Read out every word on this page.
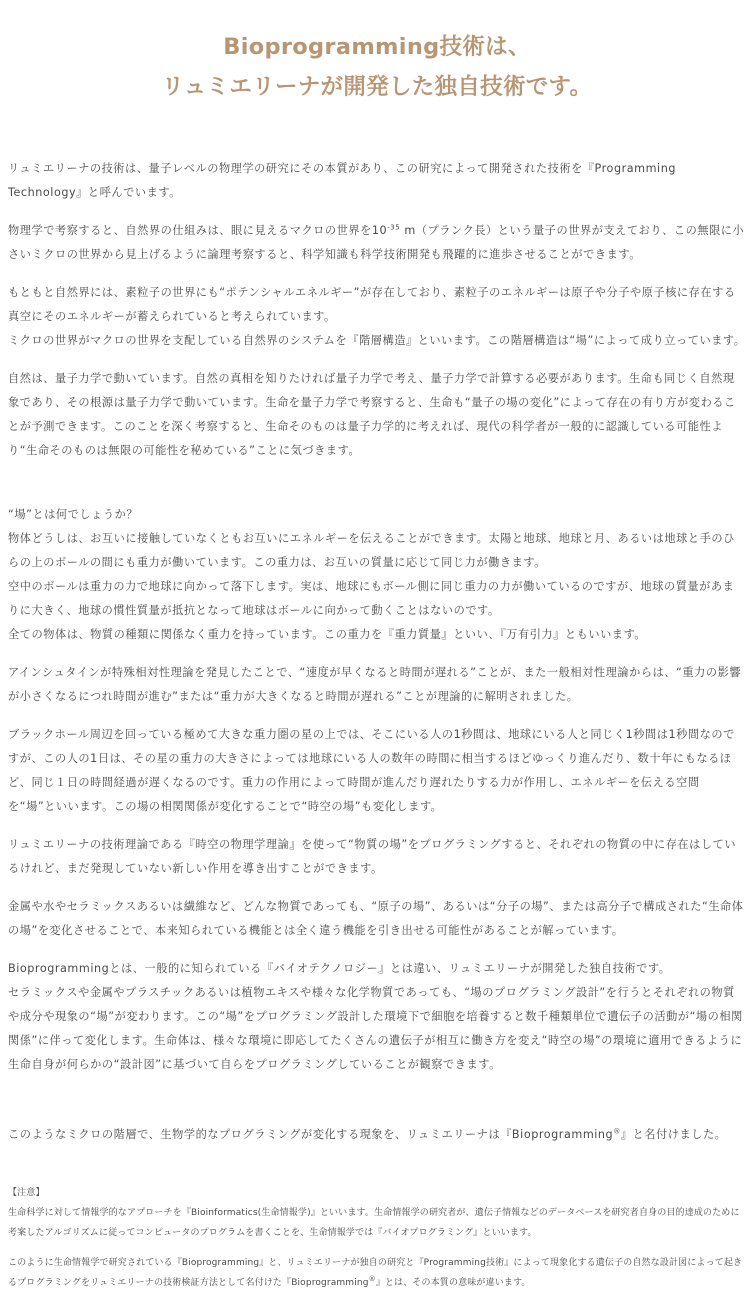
Bioprogramming技術は、
リュミエリーナが開発した独自技術です。

リュミエリーナの技術は、量子レベルの物理学の研究にその本質があり、この研究によって開発された技術を『Programming Technology』と呼んでいます。

物理学で考察すると、自然界の仕組みは、眼に見えるマクロの世界を$10^{-35}$ m（プランク長）という量子の世界が支えており、この無限に小さいミクロの世界から見上げるように論理考察すると、科学知識も科学技術開発も飛躍的に進歩させることができます。

もともと自然界には、素粒子の世界にも“ポテンシャルエネルギー”が存在しており、素粒子のエネルギーは原子や分子や原子核に存在する真空にそのエネルギーが蓄えられていると考えられています。
ミクロの世界がマクロの世界を支配している自然界のシステムを『階層構造』といいます。この階層構造は“場”によって成り立っています。

自然は、量子力学で動いています。自然の真相を知りたければ量子力学で考え、量子力学で計算する必要があります。生命も同じく自然現象であり、その根源は量子力学で動いています。生命を量子力学で考察すると、生命も“量子の場の変化”によって存在の有り方が変わることが予測できます。このことを深く考察すると、生命そのものは量子力学的に考えれば、現代の科学者が一般的に認識している可能性より“生命そのものは無限の可能性を秘めている”ことに気づきます。

“場”とは何でしょうか？
物体どうしは、お互いに接触していなくともお互いにエネルギーを伝えることができます。太陽と地球、地球と月、あるいは地球と手のひらの上のボールの間にも重力が働いています。この重力は、お互いの質量に応じて同じ力が働きます。
空中のボールは重力の力で地球に向かって落下します。実は、地球にもボール側に同じ重力の力が働いているのですが、地球の質量があまりに大きく、地球の慣性質量が抵抗となって地球はボールに向かって動くことはないのです。
全ての物体は、物質の種類に関係なく重力を持っています。この重力を『重力質量』といい、『万有引力』ともいいます。

アインシュタインが特殊相対性理論を発見したことで、“速度が早くなると時間が遅れる”ことが、また一般相対性理論からは、“重力の影響が小さくなるにつれ時間が進む”または“重力が大きくなると時間が遅れる”ことが理論的に解明されました。

ブラックホール周辺を回っている極めて大きな重力圏の星の上では、そこにいる人の1秒間は、地球にいる人と同じく1秒間は1秒間なのですが、この人の1日は、その星の重力の大きさによっては地球にいる人の数年の時間に相当するほどゆっくり進んだり、数十年にもなるほど、同じ１日の時間経過が遅くなるのです。重力の作用によって時間が進んだり遅れたりする力が作用し、エネルギーを伝える空間を“場”といいます。この場の相関関係が変化することで“時空の場”も変化します。

リュミエリーナの技術理論である『時空の物理学理論』を使って“物質の場”をプログラミングすると、それぞれの物質の中に存在はしているけれど、まだ発現していない新しい作用を導き出すことができます。

金属や水やセラミックスあるいは繊維など、どんな物質であっても、“原子の場”、あるいは“分子の場”、または高分子で構成された“生命体の場”を変化させることで、本来知られている機能とは全く違う機能を引き出せる可能性があることが解っています。

Bioprogrammingとは、一般的に知られている『バイオテクノロジー』とは違い、リュミエリーナが開発した独自技術です。
セラミックスや金属やプラスチックあるいは植物エキスや様々な化学物質であっても、“場のプログラミング設計”を行うとそれぞれの物質や成分や現象の“場”が変わります。この“場”をプログラミング設計した環境下で細胞を培養すると数千種類単位で遺伝子の活動が“場の相関関係”に伴って変化します。生命体は、様々な環境に即応してたくさんの遺伝子が相互に働き方を変え“時空の場”の環境に適用できるように生命自身が何らかの“設計図”に基づいて自らをプログラミングしていることが観察できます。

このようなミクロの階層で、生物学的なプログラミングが変化する現象を、リュミエリーナは『Bioprogramming®』と名付けました。

【注意】

生命科学に対して情報学的なアプローチを『Bioinformatics(生命情報学)』といいます。生命情報学の研究者が、遺伝子情報などのデータベースを研究者自身の目的達成のために考案したアルゴリズムに従ってコンピュータのプログラムを書くことを、生命情報学では『バイオプログラミング』といいます。

このように生命情報学で研究されている『Bioprogramming』と、リュミエリーナが独自の研究と『Programming技術』によって現象化する遺伝子の自然な設計図によって起きるプログラミングをリュミエリーナの技術検証方法として名付けた『Bioprogramming®』とは、その本質の意味が違います。
